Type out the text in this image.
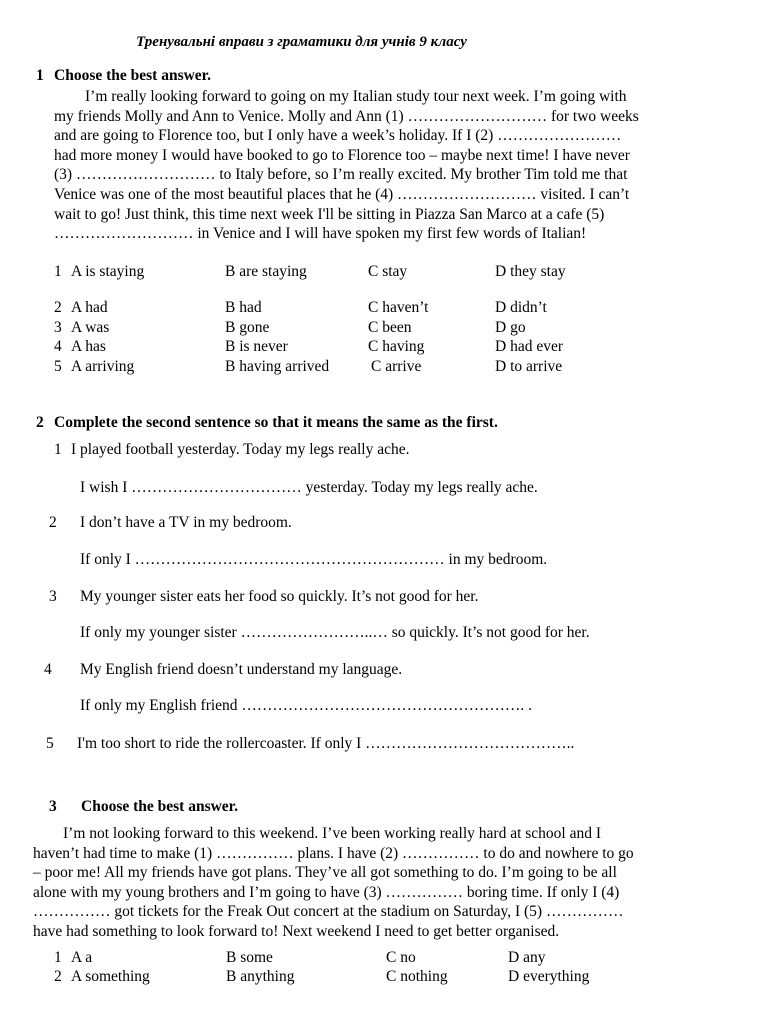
Тренувальні вправи з граматики для учнів 9 класу
1 Choose the best answer.
I’m really looking forward to going on my Italian study tour next week. I’m going with
my friends Molly and Ann to Venice. Molly and Ann (1) ……………………… for two weeks
and are going to Florence too, but I only have a week’s holiday. If I (2) ……………………
had more money I would have booked to go to Florence too – maybe next time! I have never
(3) ……………………… to Italy before, so I’m really excited. My brother Tim told me that
Venice was one of the most beautiful places that he (4) ……………………… visited. I can’t
wait to go! Just think, this time next week I'll be sitting in Piazza San Marco at a cafe (5)
……………………… in Venice and I will have spoken my first few words of Italian!
1 A is staying	B are staying	C stay	D they stay
2 A had	B had	C haven’t	D didn’t
3 A was	B gone	C been	D go
4 A has	B is never	C having	D had ever
5 A arriving	B having arrived	C arrive	D to arrive
2 Complete the second sentence so that it means the same as the first.
1 I played football yesterday. Today my legs really ache.
I wish I …………………………… yesterday. Today my legs really ache.
2 I don’t have a TV in my bedroom.
If only I …………………………………………………… in my bedroom.
3 My younger sister eats her food so quickly. It’s not good for her.
If only my younger sister ……………………..… so quickly. It’s not good for her.
4 My English friend doesn’t understand my language.
If only my English friend ………………………………………………. .
5 I'm too short to ride the rollercoaster. If only I …………………………………..
3 Choose the best answer.
I’m not looking forward to this weekend. I’ve been working really hard at school and I
haven’t had time to make (1) …………… plans. I have (2) …………… to do and nowhere to go
– poor me! All my friends have got plans. They’ve all got something to do. I’m going to be all
alone with my young brothers and I’m going to have (3) …………… boring time. If only I (4)
…………… got tickets for the Freak Out concert at the stadium on Saturday, I (5) ……………
have had something to look forward to! Next weekend I need to get better organised.
1 A a	B some	C no	D any
2 A something	B anything	C nothing	D everything
